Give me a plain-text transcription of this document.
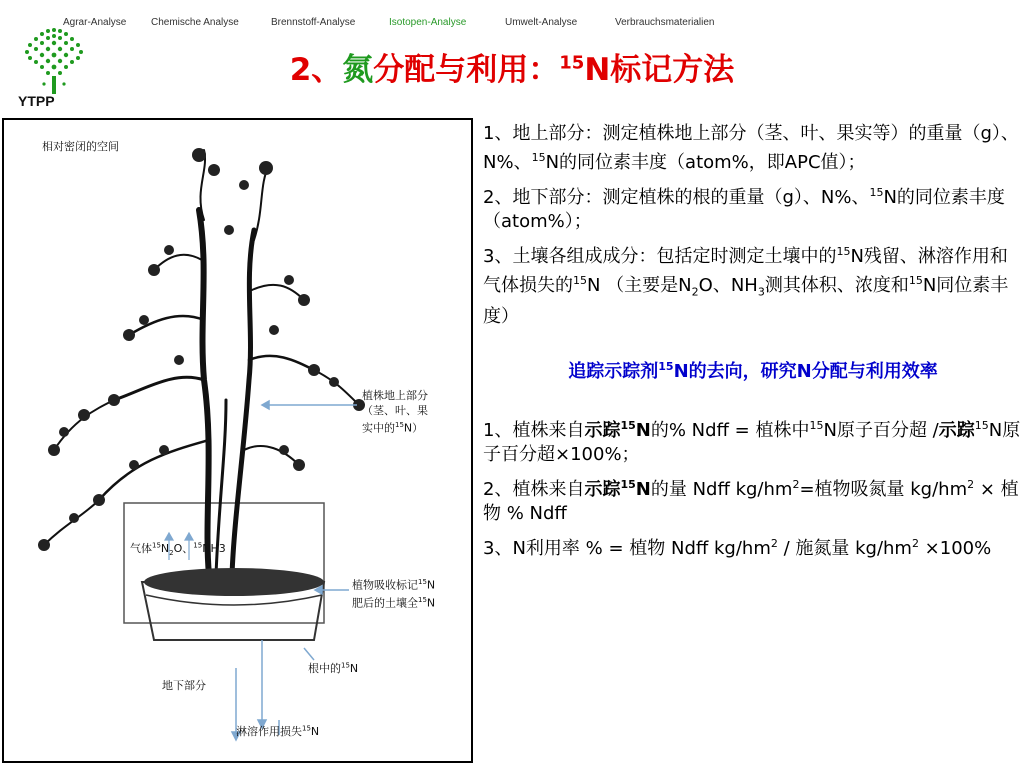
Agrar-Analyse Chemische Analyse	Brennstoff-Analyse	Isotopen-Analyse	Umwelt-Analyse	Verbrauchsmaterialien
YTPP
2、氮分配与利用：$^{15}$N标记方法
相对密闭的空间
植株地上部分
（茎、叶、果
实中的$^{15}$N）
气体$^{15}N_2O$、$^{15}$NH3
植物吸收标记$^{15}$N
肥后的土壤全$^{15}$N
根中的$^{15}$N
地下部分
淋溶作用损失$^{15}$N

1、地上部分：测定植株地上部分（茎、叶、果实等）的重量（g）、N%、$^{15}$N的同位素丰度（atom%，即APC值）；

2、地下部分：测定植株的根的重量（g）、N%、$^{15}$N的同位素丰度（atom%）；

3、土壤各组成成分：包括定时测定土壤中的$^{15}$N残留、淋溶作用和气体损失的$^{15}$N （主要是$N_2O$、$NH_3$测其体积、浓度和$^{15}$N同位素丰度）

追踪示踪剂$^{15}$N的去向，研究N分配与利用效率

1、植株来自示踪$^{15}$N的% Ndff = 植株中$^{15}$N原子百分超 /示踪$^{15}$N原子百分超×100%；

2、植株来自示踪$^{15}$N的量 Ndff $kg/hm^2=$植物吸氮量 $kg/hm^2$ × 植物 % Ndff

3、N利用率 % = 植物 Ndff $kg/hm^2$ / 施氮量 $kg/hm^2 \times 100\%$
